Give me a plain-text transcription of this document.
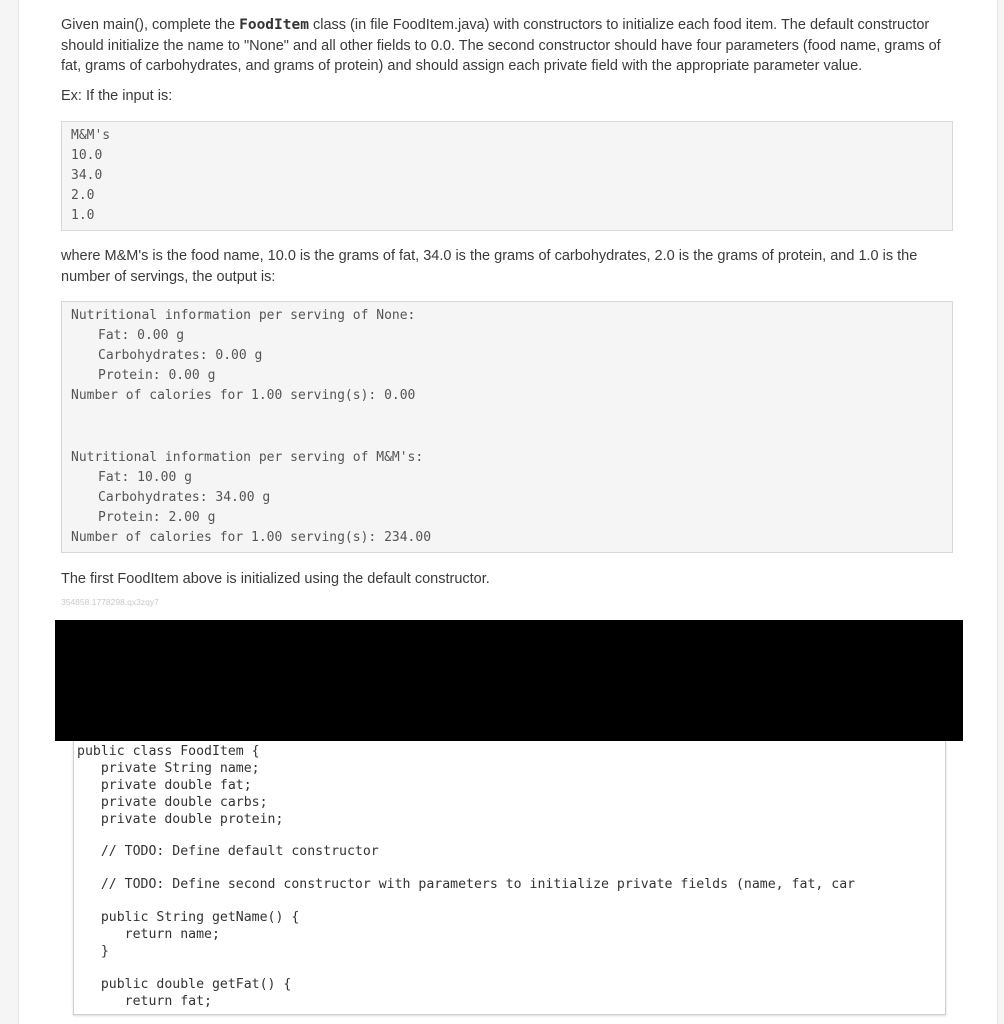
Given main(), complete the FoodItem class (in file FoodItem.java) with constructors to initialize each food item. The default constructor should initialize the name to "None" and all other fields to 0.0. The second constructor should have four parameters (food name, grams of fat, grams of carbohydrates, and grams of protein) and should assign each private field with the appropriate parameter value.

Ex: If the input is:

M&M's
10.0
34.0
2.0
1.0

where M&M's is the food name, 10.0 is the grams of fat, 34.0 is the grams of carbohydrates, 2.0 is the grams of protein, and 1.0 is the number of servings, the output is:

Nutritional information per serving of None:
Fat: 0.00 g
Carbohydrates: 0.00 g
Protein: 0.00 g
Number of calories for 1.00 serving(s): 0.00
Nutritional information per serving of M&M's:
Fat: 10.00 g
Carbohydrates: 34.00 g
Protein: 2.00 g
Number of calories for 1.00 serving(s): 234.00

The first FoodItem above is initialized using the default constructor.

354858.1778298.qx3zqy7
public class FoodItem {
private String name;
private double fat;
private double carbs;
private double protein;
// TODO: Define default constructor
// TODO: Define second constructor with parameters to initialize private fields (name, fat, car
public String getName() {
return name;
}
public double getFat() {
return fat;
